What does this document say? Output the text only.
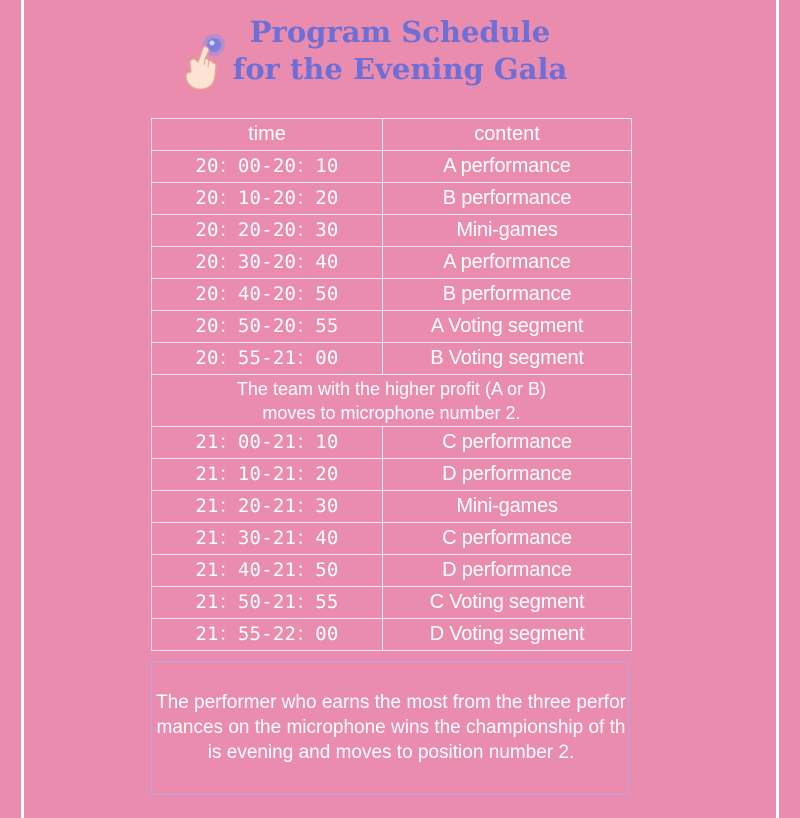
Program Schedule
for the Evening Gala
time	content
20：00-20：10	A performance
20：10-20：20	B performance
20：20-20：30	Mini-games
20：30-20：40	A performance
20：40-20：50	B performance
20：50-20：55	A Voting segment
20：55-21：00	B Voting segment

The team with the higher profit (A or B)
moves to microphone number 2.	

21：00-21：10	C performance
21：10-21：20	D performance
21：20-21：30	Mini-games
21：30-21：40	C performance
21：40-21：50	D performance
21：50-21：55	C Voting segment
21：55-22：00	D Voting segment

The performer who earns the most from the three perfor
mances on the microphone wins the championship of th
is evening and moves to position number 2.
